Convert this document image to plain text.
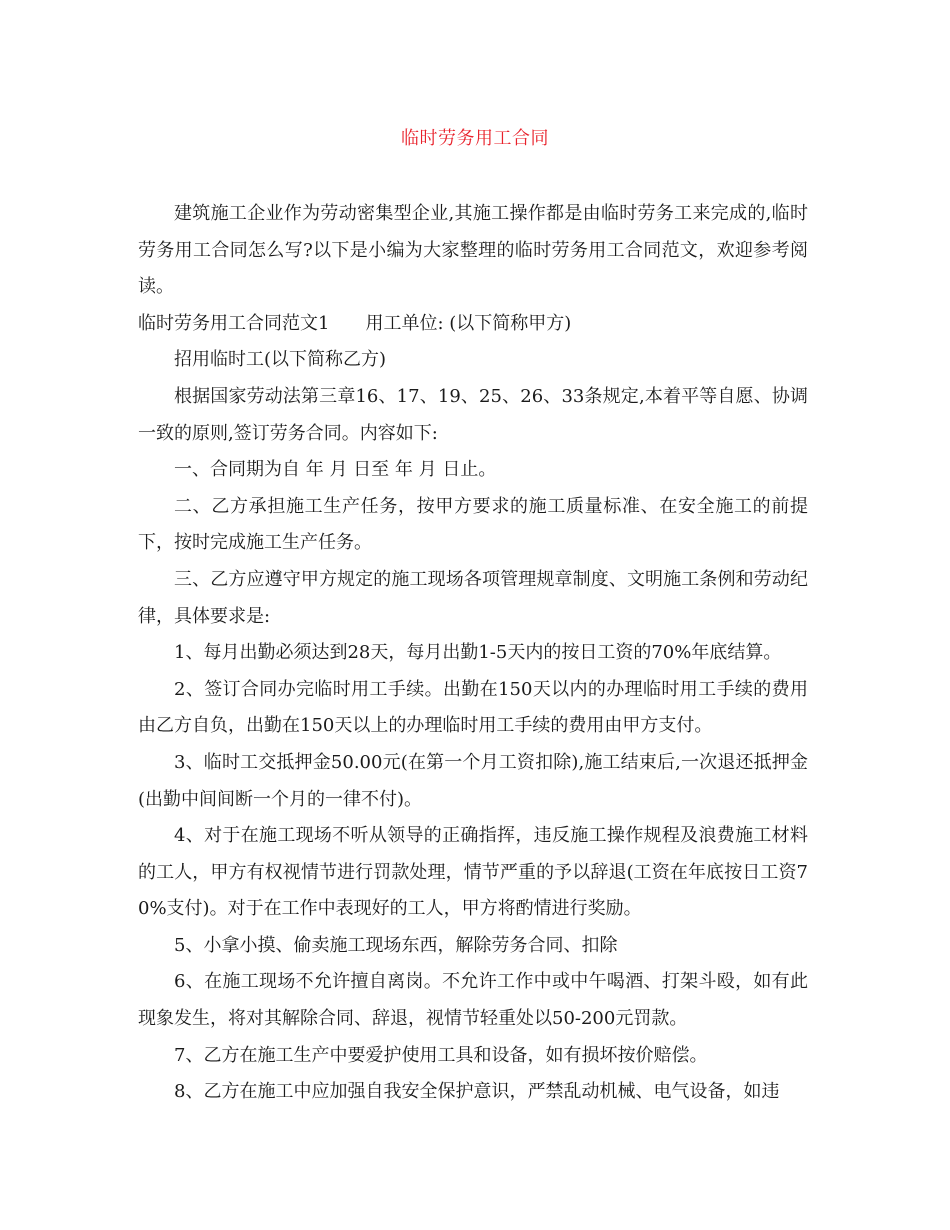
临时劳务用工合同

建筑施工企业作为劳动密集型企业,其施工操作都是由临时劳务工来完成的,临时劳务用工合同怎么写?以下是小编为大家整理的临时劳务用工合同范文，欢迎参考阅读。

临时劳务用工合同范文1 用工单位: (以下简称甲方)

招用临时工(以下简称乙方)

根据国家劳动法第三章16、17、19、25、26、33条规定,本着平等自愿、协调一致的原则,签订劳务合同。内容如下:

一、合同期为自 年 月 日至 年 月 日止。

二、乙方承担施工生产任务，按甲方要求的施工质量标准、在安全施工的前提下，按时完成施工生产任务。

三、乙方应遵守甲方规定的施工现场各项管理规章制度、文明施工条例和劳动纪律，具体要求是:

1、每月出勤必须达到28天，每月出勤1-5天内的按日工资的70%年底结算。

2、签订合同办完临时用工手续。出勤在150天以内的办理临时用工手续的费用由乙方自负，出勤在150天以上的办理临时用工手续的费用由甲方支付。

3、临时工交抵押金50.00元(在第一个月工资扣除),施工结束后,一次退还抵押金(出勤中间间断一个月的一律不付)。

4、对于在施工现场不听从领导的正确指挥，违反施工操作规程及浪费施工材料的工人，甲方有权视情节进行罚款处理，情节严重的予以辞退(工资在年底按日工资70%支付)。对于在工作中表现好的工人，甲方将酌情进行奖励。

5、小拿小摸、偷卖施工现场东西，解除劳务合同、扣除

6、在施工现场不允许擅自离岗。不允许工作中或中午喝酒、打架斗殴，如有此现象发生，将对其解除合同、辞退，视情节轻重处以50-200元罚款。

7、乙方在施工生产中要爱护使用工具和设备，如有损坏按价赔偿。

8、乙方在施工中应加强自我安全保护意识，严禁乱动机械、电气设备，如违
